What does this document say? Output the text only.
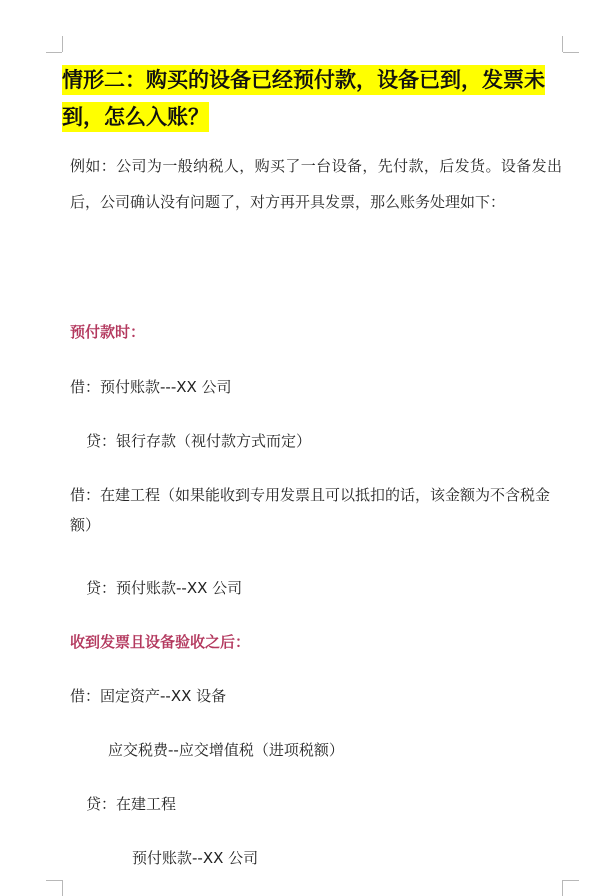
情形二：购买的设备已经预付款，设备已到，发票未到，怎么入账？

例如：公司为一般纳税人，购买了一台设备，先付款，后发货。设备发出后，公司确认没有问题了，对方再开具发票，那么账务处理如下：

预付款时：

借：预付账款---XX 公司

贷：银行存款（视付款方式而定）

借：在建工程（如果能收到专用发票且可以抵扣的话，该金额为不含税金额）

贷：预付账款--XX 公司

收到发票且设备验收之后：

借：固定资产--XX 设备

应交税费--应交增值税（进项税额）

贷：在建工程

预付账款--XX 公司
